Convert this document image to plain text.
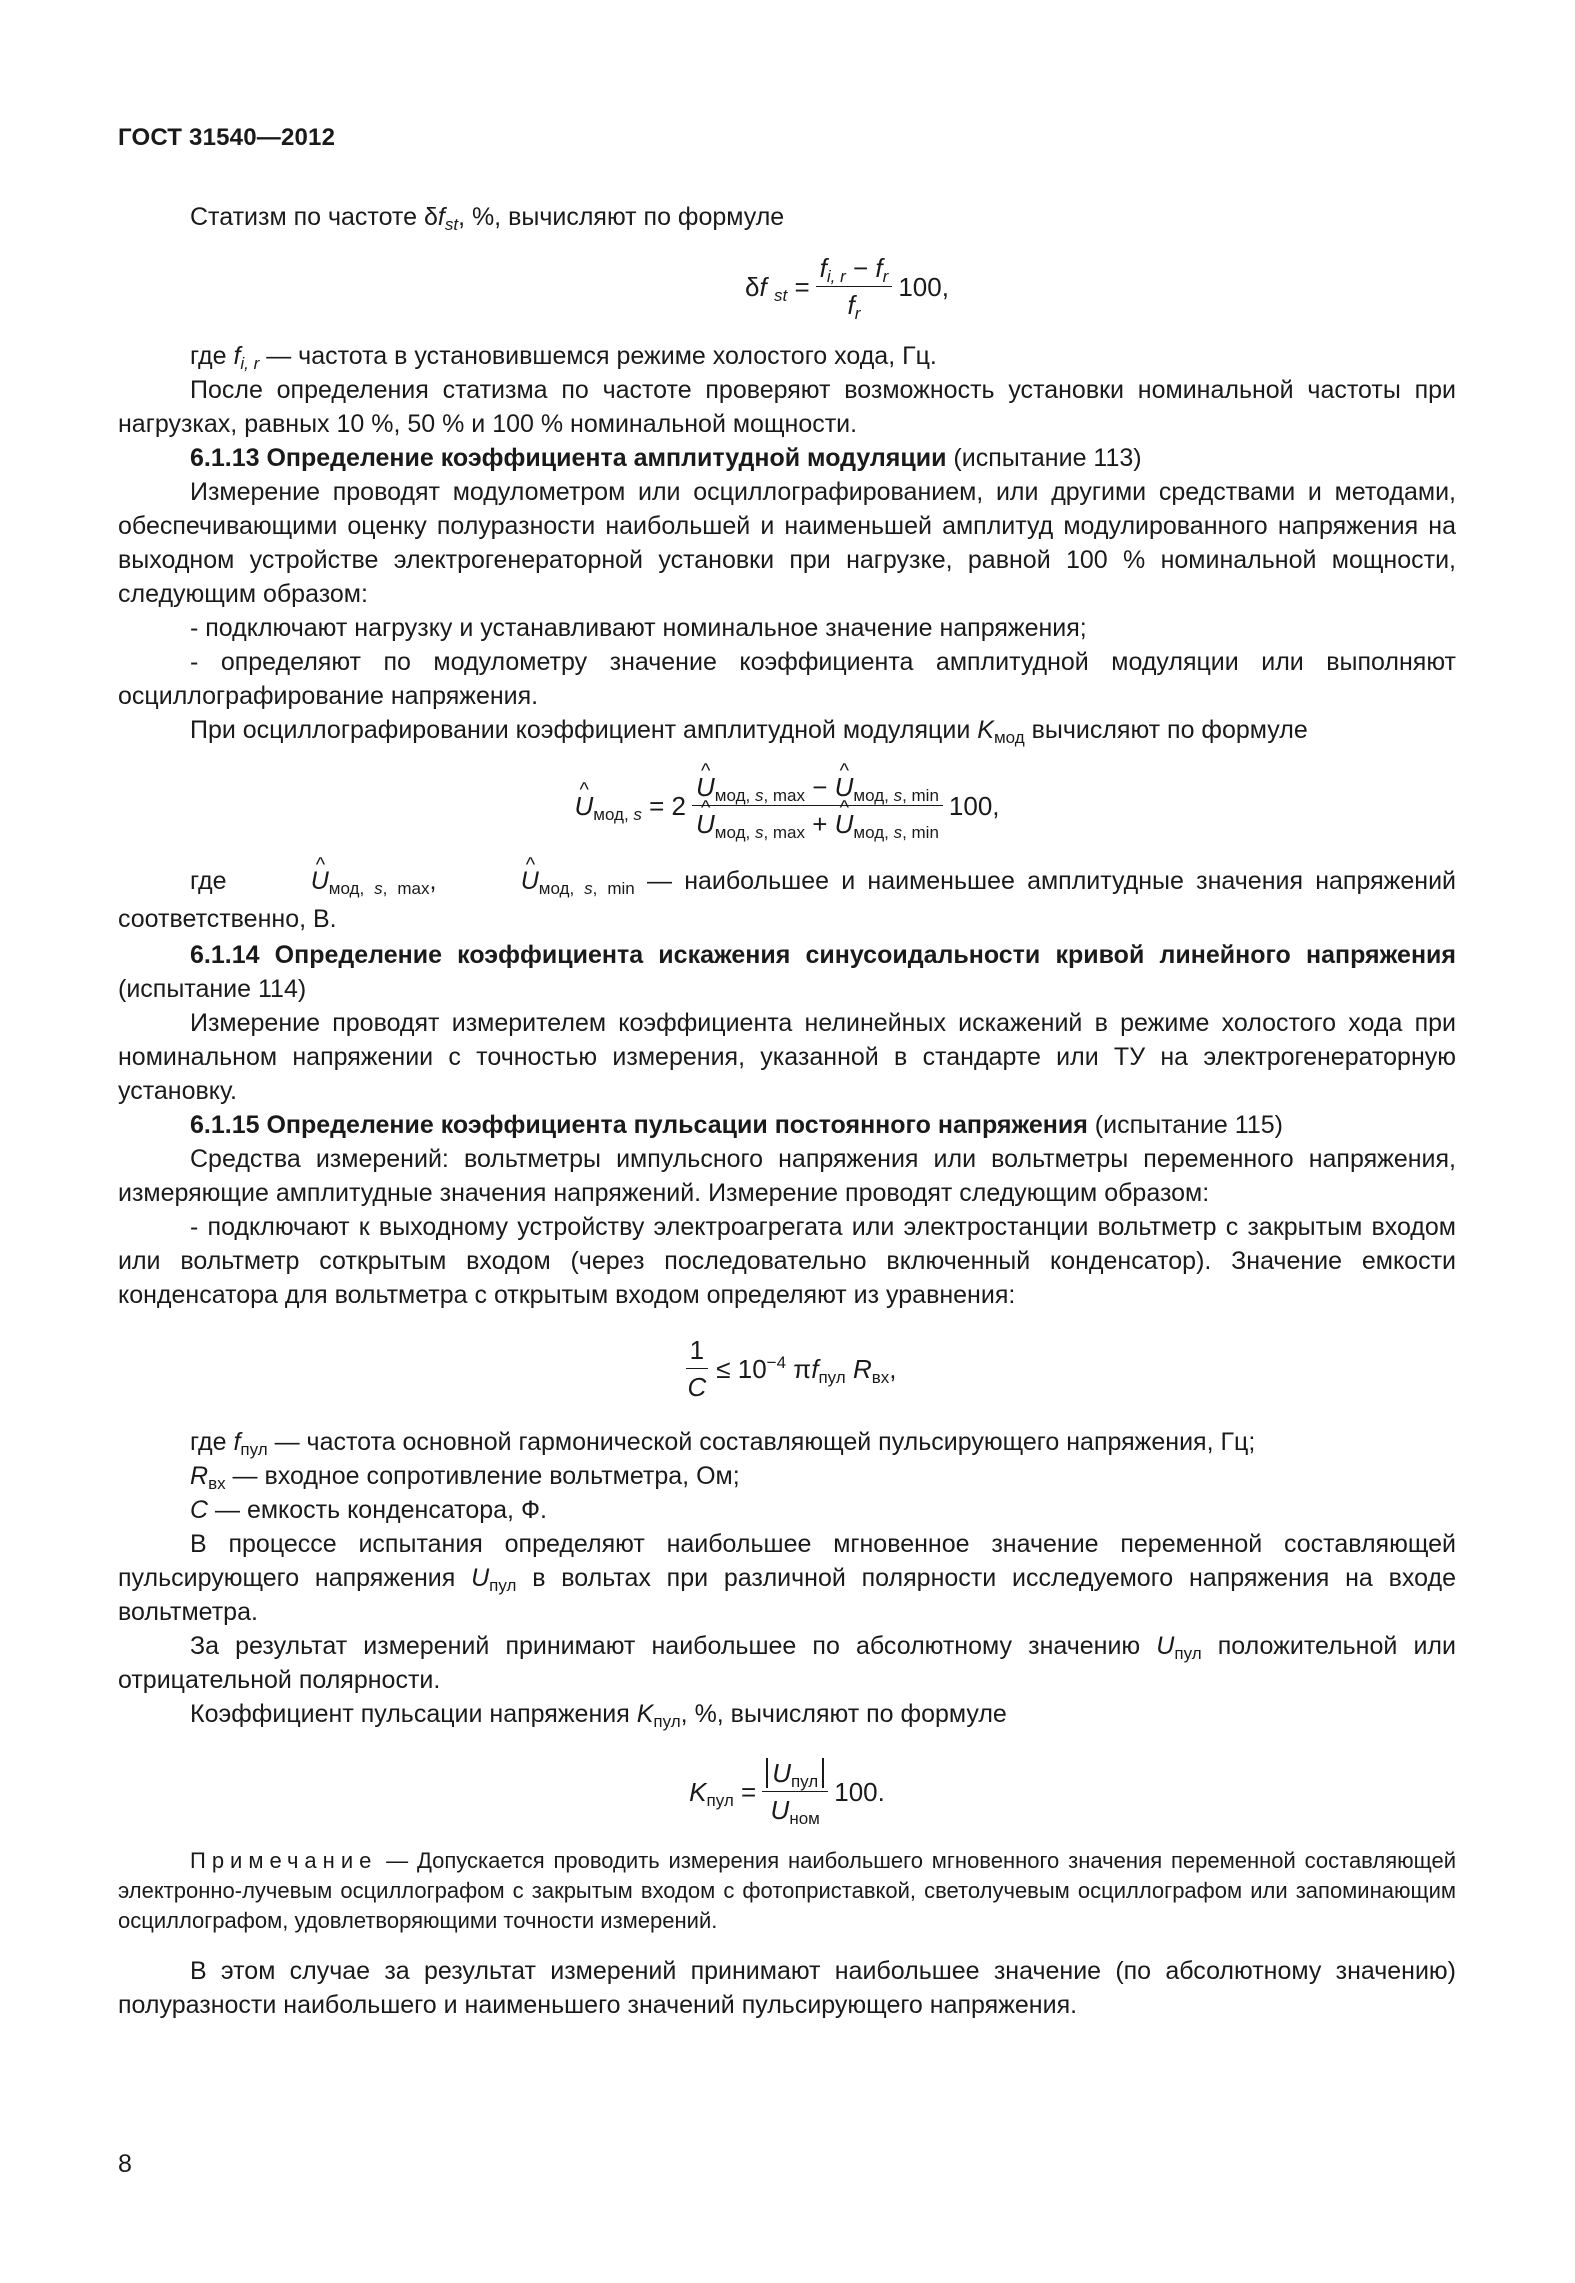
ГОСТ 31540—2012

Статизм по частоте $\delta f_{st}$, %, вычисляют по формуле

δf $_{st} = \frac{f_{i, r} - f_r}{f_r} 100$,

где $f_{i, r}$ — частота в установившемся режиме холостого хода, Гц.

После определения статизма по частоте проверяют возможность установки номинальной частоты при нагрузках, равных 10 %, 50 % и 100 % номинальной мощности.

6.1.13 Определение коэффициента амплитудной модуляции (испытание 113)

Измерение проводят модулометром или осциллографированием, или другими средствами и методами, обеспечивающими оценку полуразности наибольшей и наименьшей амплитуд модулированного напряжения на выходном устройстве электрогенераторной установки при нагрузке, равной 100 % номинальной мощности, следующим образом:

- подключают нагрузку и устанавливают номинальное значение напряжения;

- определяют по модулометру значение коэффициента амплитудной модуляции или выполняют осциллографирование напряжения.

При осциллографировании коэффициент амплитудной модуляции $K_{мод}$ вычисляют по формуле

^ $U_{мод, s} = 2$ ^ $U_{мод, s, max}$ − ^ $U_{мод, s, min}$
^ $U_{мод, s, max}$ + ^ $U_{мод, s, min}$ 100,

где	^ $U_{мод, s, max}$,	^ $U_{мод, s, min}$ — наибольшее и наименьшее амплитудные значения напряжений соответственно, В.

6.1.14 Определение коэффициента искажения синусоидальности кривой линейного напряжения (испытание 114)

Измерение проводят измерителем коэффициента нелинейных искажений в режиме холостого хода при номинальном напряжении с точностью измерения, указанной в стандарте или ТУ на электрогенераторную установку.

6.1.15 Определение коэффициента пульсации постоянного напряжения (испытание 115)

Средства измерений: вольтметры импульсного напряжения или вольтметры переменного напряжения, измеряющие амплитудные значения напряжений. Измерение проводят следующим образом:

- подключают к выходному устройству электроагрегата или электростанции вольтметр с закрытым входом или вольтметр соткрытым входом (через последовательно включенный конденсатор). Значение емкости конденсатора для вольтметра с открытым входом определяют из уравнения:

$\frac{1}{C} \le 10^{-4}$ $\pi f_{пул}$ $R_{вх}$,

где $f_{пул}$ — частота основной гармонической составляющей пульсирующего напряжения, Гц;

$R_{вх}$ — входное сопротивление вольтметра, Ом;

C — емкость конденсатора, Ф.

В процессе испытания определяют наибольшее мгновенное значение переменной составляющей пульсирующего напряжения $U_{пул}$ в вольтах при различной полярности исследуемого напряжения на входе вольтметра.

За результат измерений принимают наибольшее по абсолютному значению $U_{пул}$ положительной или отрицательной полярности.

Коэффициент пульсации напряжения $K_{пул}$, %, вычисляют по формуле

$K_{пул} = \frac{U_{пул}}{U_{ном}} 100$.

Примечание — Допускается проводить измерения наибольшего мгновенного значения переменной составляющей электронно-лучевым осциллографом с закрытым входом с фотоприставкой, светолучевым осциллографом или запоминающим осциллографом, удовлетворяющими точности измерений.

В этом случае за результат измерений принимают наибольшее значение (по абсолютному значению) полуразности наибольшего и наименьшего значений пульсирующего напряжения.

8
